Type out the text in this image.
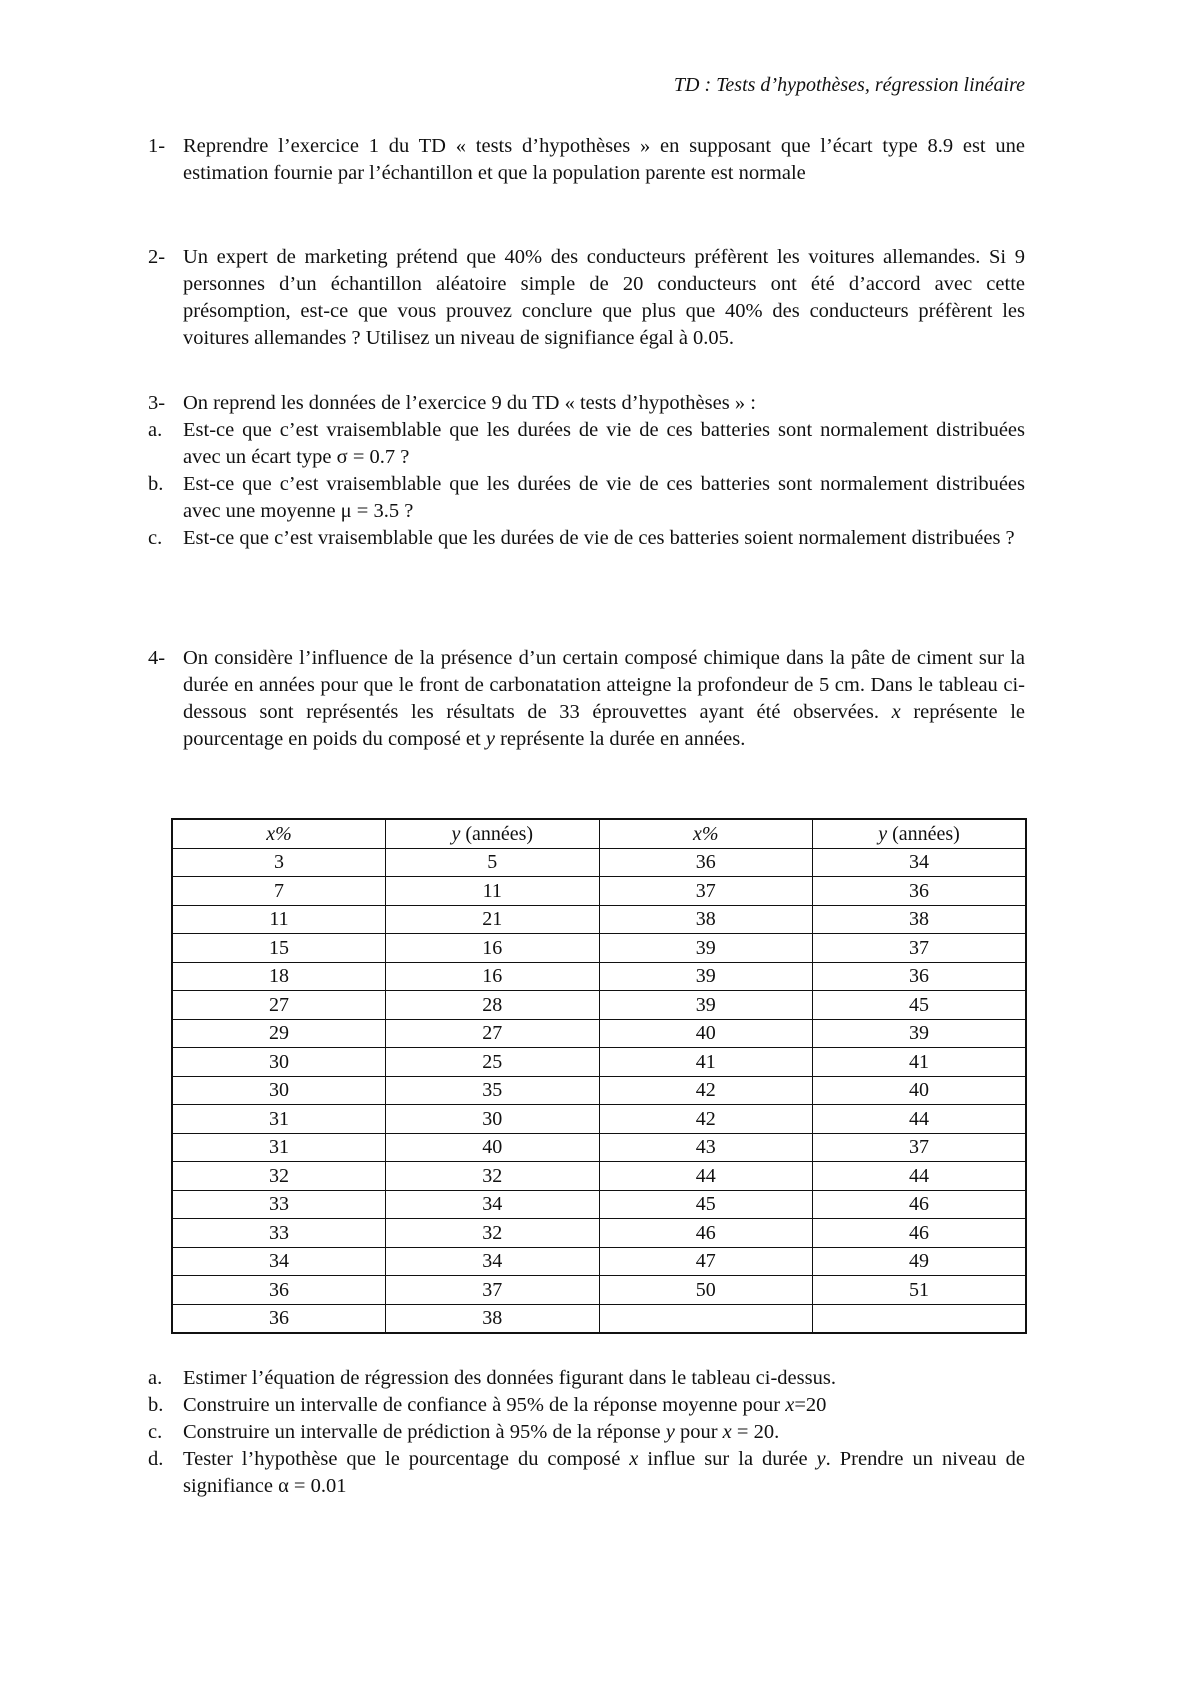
TD : Tests d’hypothèses, régression linéaire
1- Reprendre l’exercice 1 du TD « tests d’hypothèses » en supposant que l’écart type 8.9 est une estimation fournie par l’échantillon et que la population parente est normale
2- Un expert de marketing prétend que 40% des conducteurs préfèrent les voitures allemandes. Si 9 personnes d’un échantillon aléatoire simple de 20 conducteurs ont été d’accord avec cette présomption, est-ce que vous prouvez conclure que plus que 40% des conducteurs préfèrent les voitures allemandes ? Utilisez un niveau de signifiance égal à 0.05.
3- On reprend les données de l’exercice 9 du TD « tests d’hypothèses » :
a. Est-ce que c’est vraisemblable que les durées de vie de ces batteries sont normalement distribuées avec un écart type σ = 0.7 ?
b. Est-ce que c’est vraisemblable que les durées de vie de ces batteries sont normalement distribuées avec une moyenne μ = 3.5 ?
c. Est-ce que c’est vraisemblable que les durées de vie de ces batteries soient normalement distribuées ?
4- On considère l’influence de la présence d’un certain composé chimique dans la pâte de ciment sur la durée en années pour que le front de carbonatation atteigne la profondeur de 5 cm. Dans le tableau ci-dessous sont représentés les résultats de 33 éprouvettes ayant été observées. x représente le pourcentage en poids du composé et y représente la durée en années.
x%	y (années)	x%	y (années)
3	5	36	34
7	11	37	36
11	21	38	38
15	16	39	37
18	16	39	36
27	28	39	45
29	27	40	39
30	25	41	41
30	35	42	40
31	30	42	44
31	40	43	37
32	32	44	44
33	34	45	46
33	32	46	46
34	34	47	49
36	37	50	51
36	38		
a. Estimer l’équation de régression des données figurant dans le tableau ci-dessus.
b. Construire un intervalle de confiance à 95% de la réponse moyenne pour x=20
c. Construire un intervalle de prédiction à 95% de la réponse y pour x = 20.
d. Tester l’hypothèse que le pourcentage du composé x influe sur la durée y. Prendre un niveau de signifiance α = 0.01
